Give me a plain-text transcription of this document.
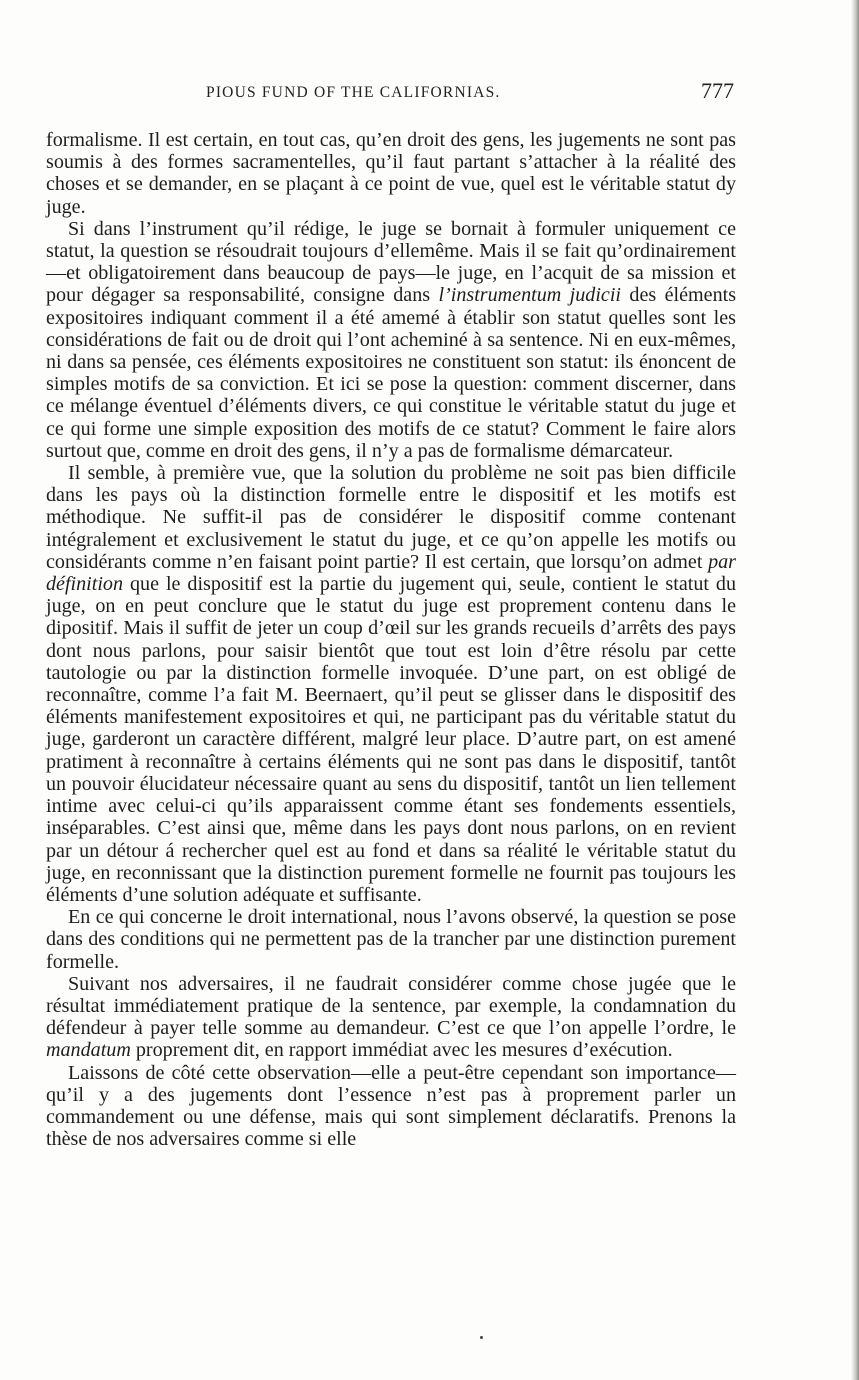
PIOUS FUND OF THE CALIFORNIAS.	777

formalisme. Il est certain, en tout cas, qu’en droit des gens, les jugements ne sont pas soumis à des formes sacramentelles, qu’il faut partant s’attacher à la réalité des choses et se demander, en se plaçant à ce point de vue, quel est le véritable statut dy juge.

Si dans l’instrument qu’il rédige, le juge se bornait à formuler uniquement ce statut, la question se résoudrait toujours d’ellemême. Mais il se fait qu’ordinairement—et obligatoirement dans beaucoup de pays—le juge, en l’acquit de sa mission et pour dégager sa responsabilité, consigne dans l’instrumentum judicii des éléments expositoires indiquant comment il a été amemé à établir son statut quelles sont les considérations de fait ou de droit qui l’ont acheminé à sa sentence. Ni en eux-mêmes, ni dans sa pensée, ces éléments expositoires ne constituent son statut: ils énoncent de simples motifs de sa conviction. Et ici se pose la question: comment discerner, dans ce mélange éventuel d’éléments divers, ce qui constitue le véritable statut du juge et ce qui forme une simple exposition des motifs de ce statut? Comment le faire alors surtout que, comme en droit des gens, il n’y a pas de formalisme démarcateur.

Il semble, à première vue, que la solution du problème ne soit pas bien difficile dans les pays où la distinction formelle entre le dispositif et les motifs est méthodique. Ne suffit-il pas de considérer le dispositif comme contenant intégralement et exclusivement le statut du juge, et ce qu’on appelle les motifs ou considérants comme n’en faisant point partie? Il est certain, que lorsqu’on admet par définition que le dispositif est la partie du jugement qui, seule, contient le statut du juge, on en peut conclure que le statut du juge est proprement contenu dans le dipositif. Mais il suffit de jeter un coup d’œil sur les grands recueils d’arrêts des pays dont nous parlons, pour saisir bientôt que tout est loin d’être résolu par cette tautologie ou par la distinction formelle invoquée. D’une part, on est obligé de reconnaître, comme l’a fait M. Beernaert, qu’il peut se glisser dans le dispositif des éléments manifestement expositoires et qui, ne participant pas du véritable statut du juge, garderont un caractère différent, malgré leur place. D’autre part, on est amené pratiment à reconnaître à certains éléments qui ne sont pas dans le dispositif, tantôt un pouvoir élucidateur nécessaire quant au sens du dispositif, tantôt un lien tellement intime avec celui-ci qu’ils apparaissent comme étant ses fondements essentiels, inséparables. C’est ainsi que, même dans les pays dont nous parlons, on en revient par un détour á rechercher quel est au fond et dans sa réalité le véritable statut du juge, en reconnissant que la distinction purement formelle ne fournit pas toujours les éléments d’une solution adéquate et suffisante.

En ce qui concerne le droit international, nous l’avons observé, la question se pose dans des conditions qui ne permettent pas de la trancher par une distinction purement formelle.

Suivant nos adversaires, il ne faudrait considérer comme chose jugée que le résultat immédiatement pratique de la sentence, par exemple, la condamnation du défendeur à payer telle somme au demandeur. C’est ce que l’on appelle l’ordre, le mandatum proprement dit, en rapport immédiat avec les mesures d’exécution.

Laissons de côté cette observation—elle a peut-être cependant son importance—qu’il y a des jugements dont l’essence n’est pas à proprement parler un commandement ou une défense, mais qui sont simplement déclaratifs. Prenons la thèse de nos adversaires comme si elle
